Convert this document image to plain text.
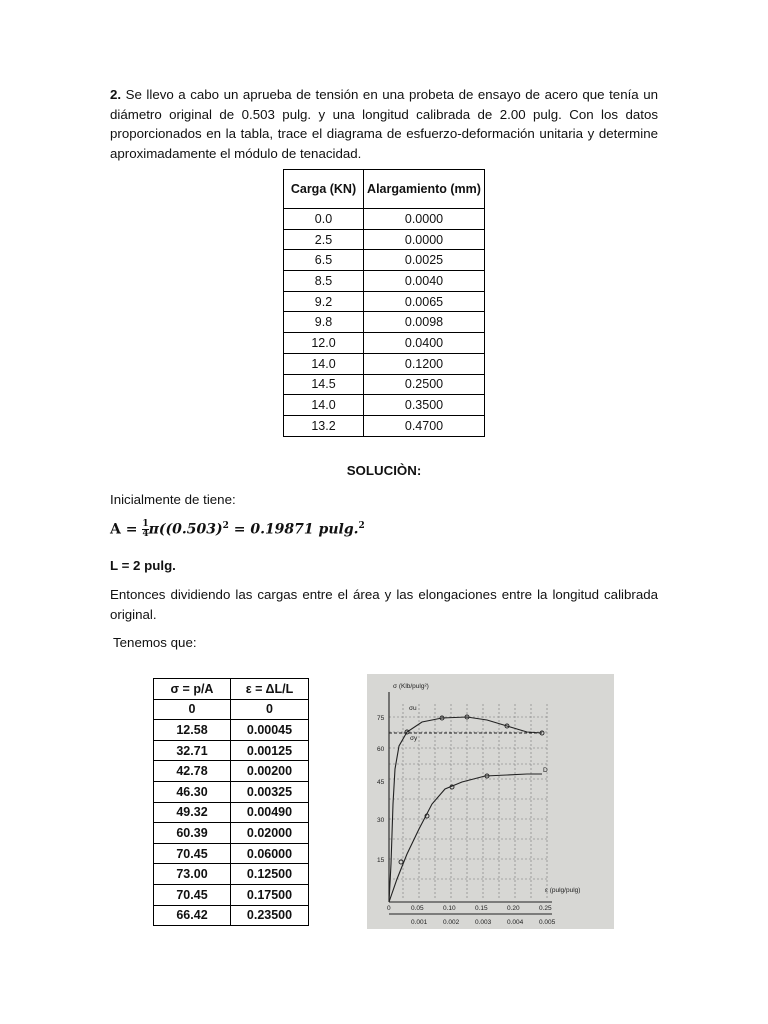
2. Se llevo a cabo un aprueba de tensión en una probeta de ensayo de acero que tenía un diámetro original de 0.503 pulg. y una longitud calibrada de 2.00 pulg. Con los datos proporcionados en la tabla, trace el diagrama de esfuerzo-deformación unitaria y determine aproximadamente el módulo de tenacidad.
Carga (KN)	Alargamiento (mm)
0.0	0.0000
2.5	0.0000
6.5	0.0025
8.5	0.0040
9.2	0.0065
9.8	0.0098
12.0	0.0400
14.0	0.1200
14.5	0.2500
14.0	0.3500
13.2	0.4700
SOLUCIÒN:
Inicialmente de tiene:
$A = \frac{1}{4} \pi((0.503)^2 = 0.19871$ pulg.$^2$
L = 2 pulg.
Entonces dividiendo las cargas entre el área y las elongaciones entre la longitud calibrada original.
Tenemos que:
σ = p/A	ε = ΔL/L
0	0
12.58	0.00045
32.71	0.00125
42.78	0.00200
46.30	0.00325
49.32	0.00490
60.39	0.02000
70.45	0.06000
73.00	0.12500
70.45	0.17500
66.42	0.23500
σ (Klb/pulg²)
ε (pulg/pulg)
15
30
45
60
75
0	0.05	0.10	0.15	0.20	0.25
0.001 0.002 0.003 0.004 0.005
σu
σy
D
